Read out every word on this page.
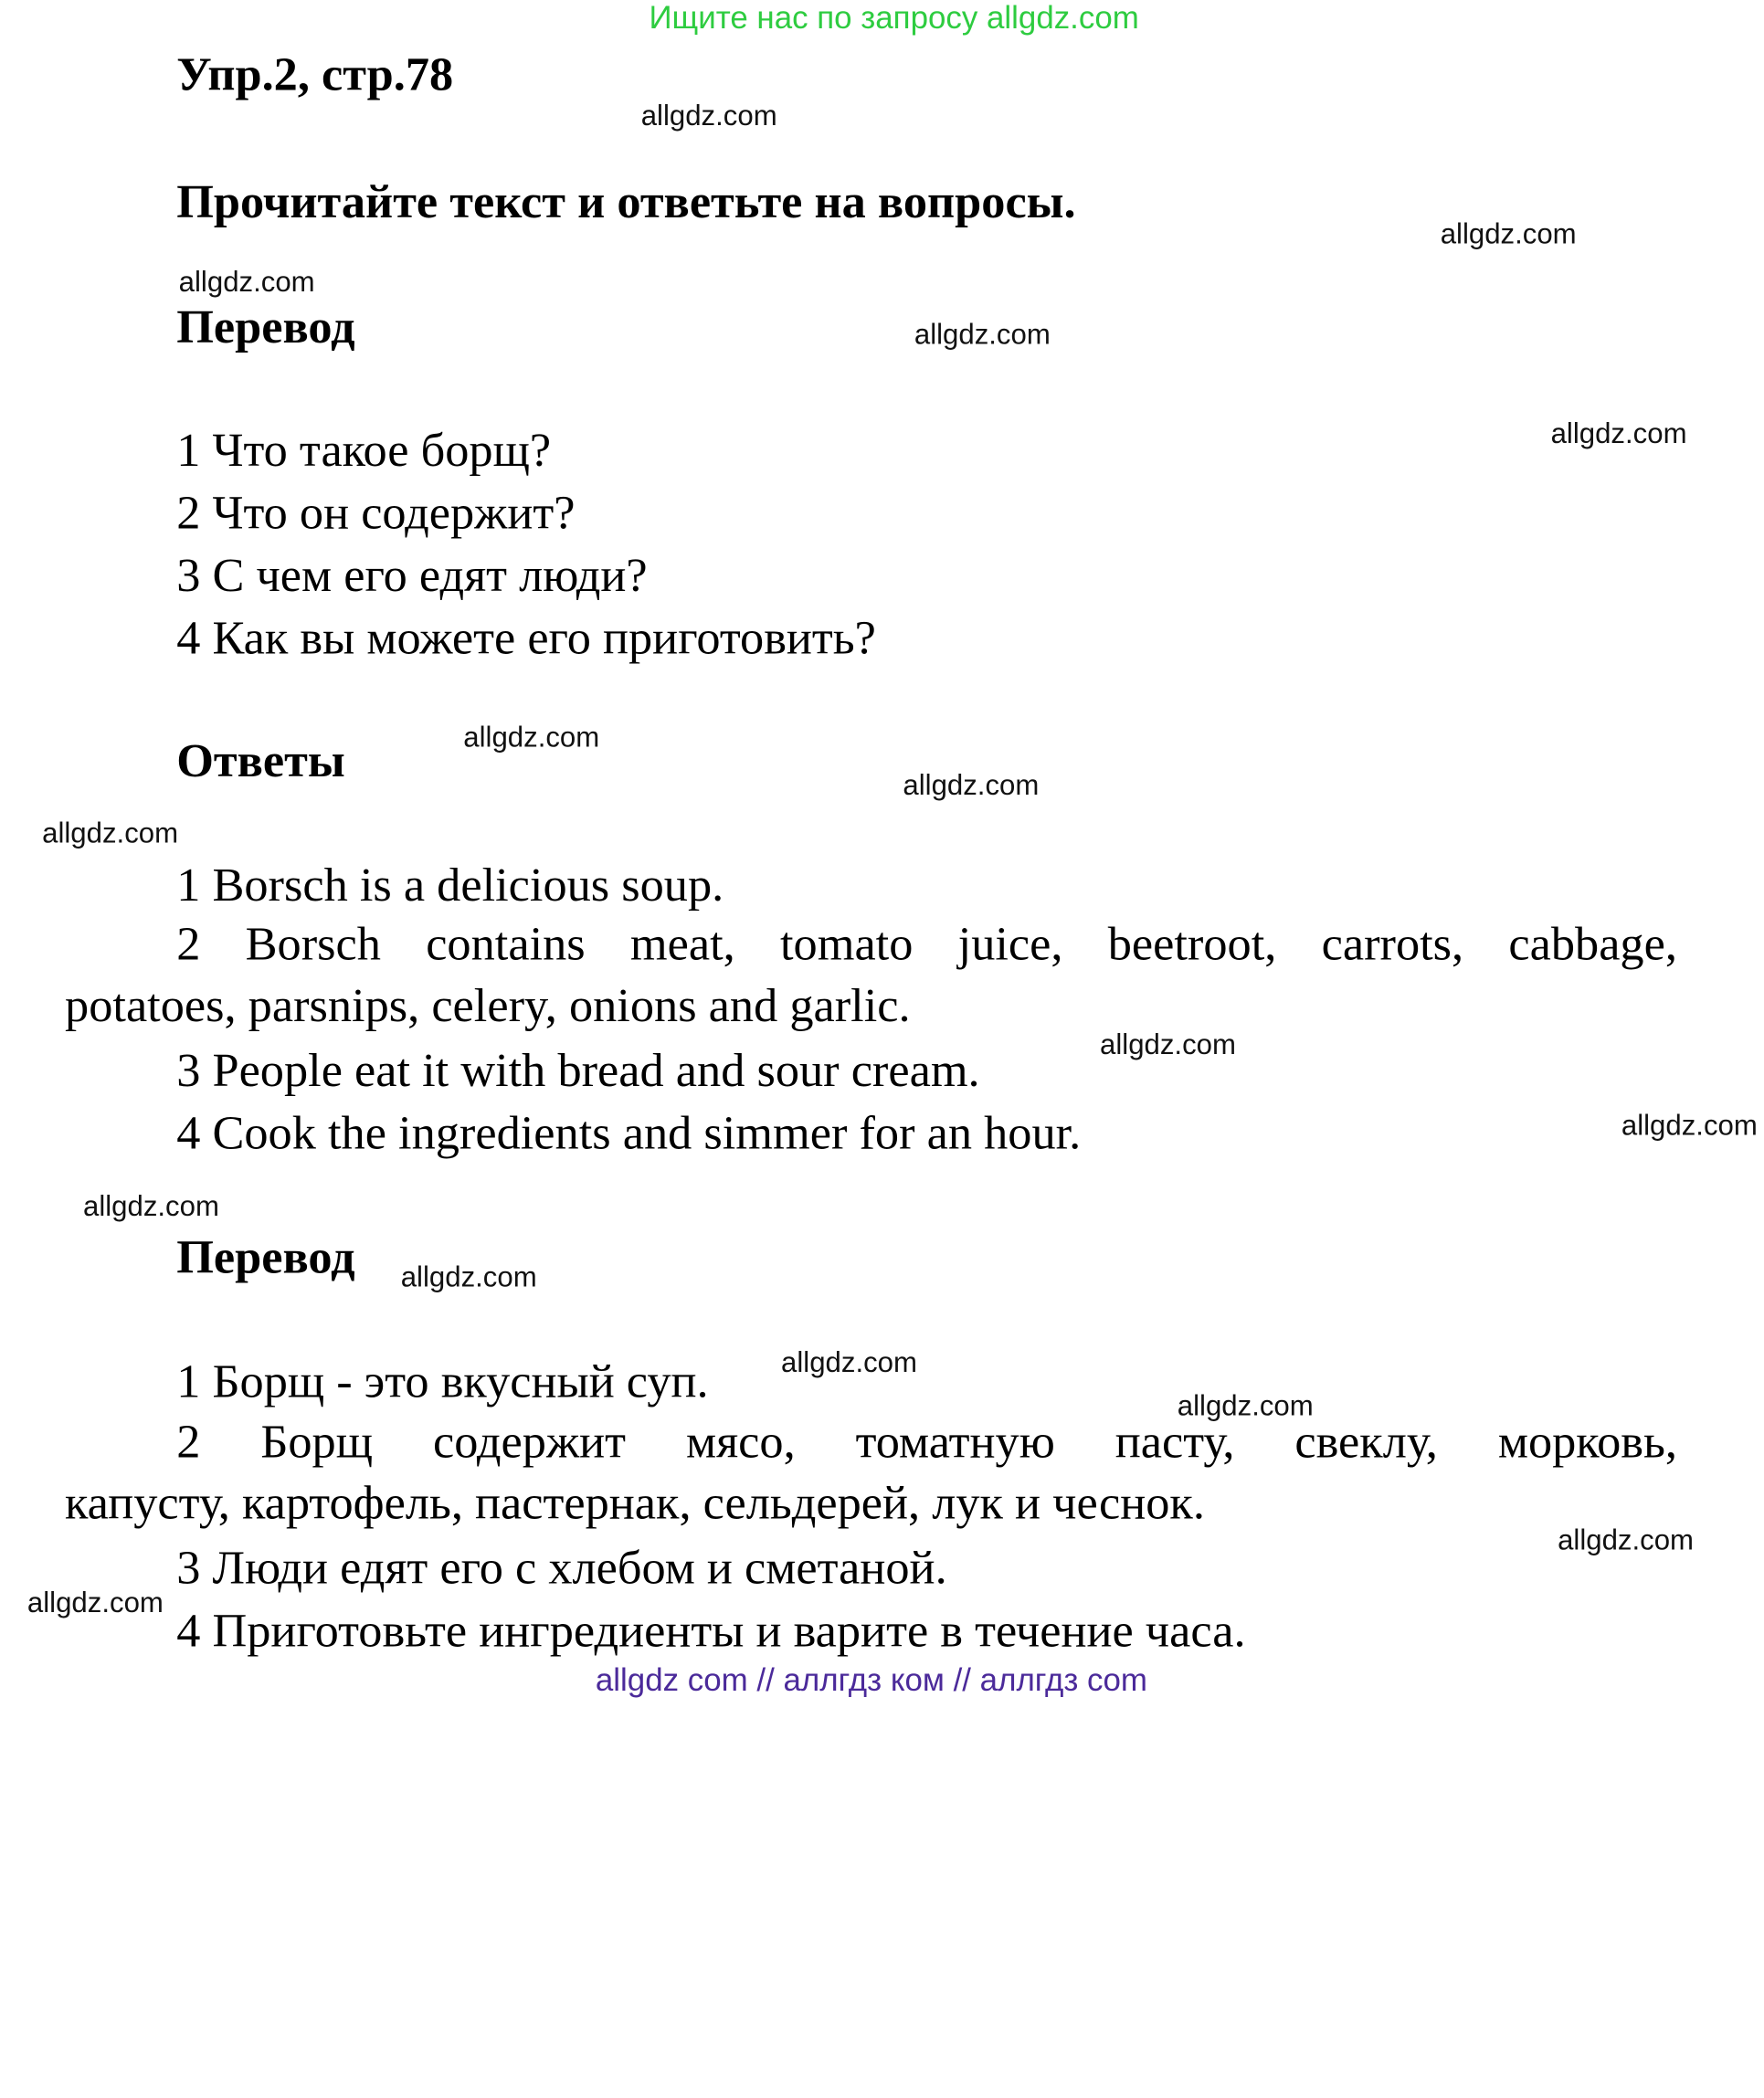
Ищите нас по запросу allgdz.com
Упр.2, стр.78
Прочитайте текст и ответьте на вопросы.
Перевод
1 Что такое борщ?
2 Что он содержит?
3 С чем его едят люди?
4 Как вы можете его приготовить?
Ответы
1 Borsch is a delicious soup.
2 Borsch contains meat, tomato juice, beetroot, carrots, cabbage,
potatoes, parsnips, celery, onions and garlic.
3 People eat it with bread and sour cream.
4 Cook the ingredients and simmer for an hour.
Перевод
1 Борщ - это вкусный суп.
2 Борщ содержит мясо, томатную пасту, свеклу, морковь,
капусту, картофель, пастернак, сельдерей, лук и чеснок.
3 Люди едят его с хлебом и сметаной.
4 Приготовьте ингредиенты и варите в течение часа.
allgdz.com
allgdz.com
allgdz.com
allgdz.com
allgdz.com
allgdz.com
allgdz.com
allgdz.com
allgdz.com
allgdz.com
allgdz.com
allgdz.com
allgdz.com
allgdz.com
allgdz.com
allgdz.com
allgdz com // аллгдз ком // аллгдз com
